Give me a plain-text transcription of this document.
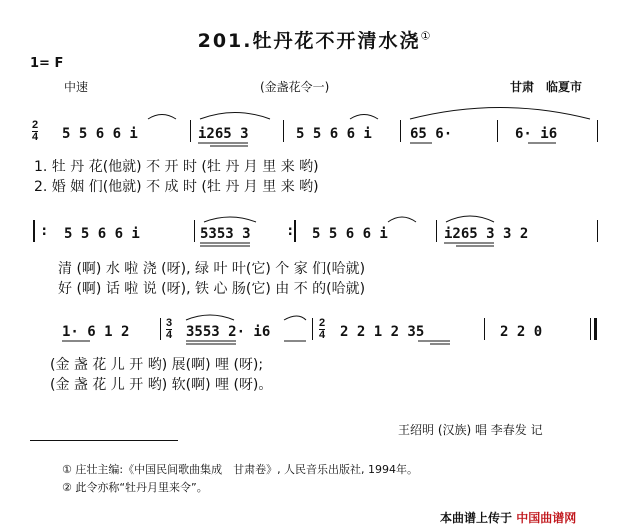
201.牡丹花不开清水浇①
1= F
中速	(金盏花令一)	甘肃　临夏市
2
4 5 5 6 6 i	i265 3	5 5 6 6 i	65 6·	6· i6
1. 牡 丹 花(他就) 不 开 时 (牡 丹 月 里 来 哟)
2. 婚 姻 们(他就) 不 成 时 (牡 丹 月 里 来 哟)
: 5 5 6 6 i	5353 3	: 5 5 6 6 i	i265 3 3 2
清 (啊) 水 啦 浇 (呀), 绿 叶 叶(它) 个 家 们(哈就)
好 (啊) 话 啦 说 (呀), 铁 心 肠(它) 由 不 的(哈就)
1· 6 1 2
3
4 3553 2· i6
2
4 2 2 1 2 35	2 2 0
(金 盏 花 儿 开 哟) 展(啊) 哩 (呀);
(金 盏 花 儿 开 哟) 软(啊) 哩 (呀)。
王绍明 (汉族) 唱 李春发 记
① 庄壮主编:《中国民间歌曲集成　甘肃卷》, 人民音乐出版社, 1994年。
② 此令亦称“牡丹月里来令”。
本曲谱上传于 中国曲谱网
